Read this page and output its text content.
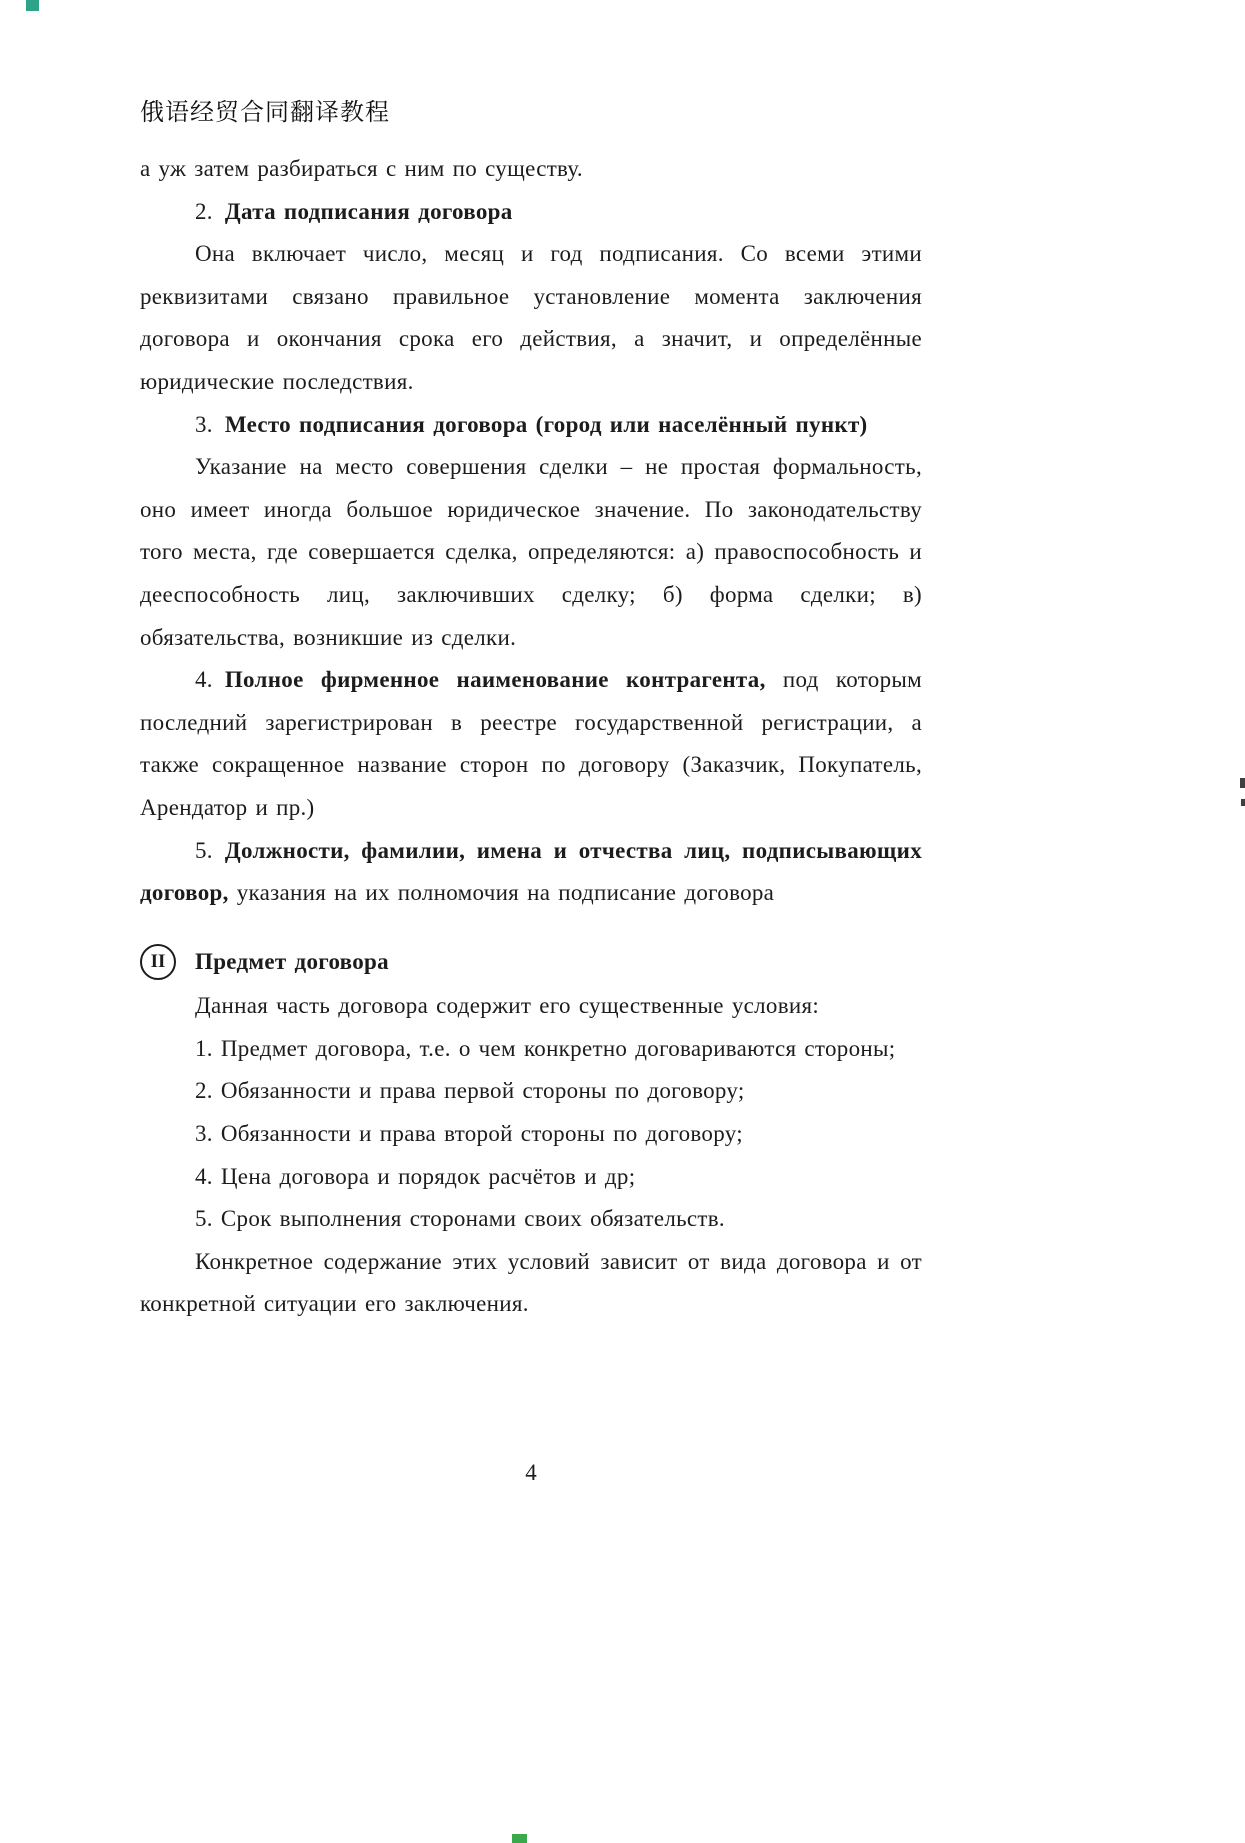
俄语经贸合同翻译教程

а уж затем разбираться с ним по существу.

2. Дата подписания договора

Она включает число, месяц и год подписания. Со всеми этими реквизитами связано правильное установление момента заключения договора и окончания срока его действия, а значит, и определённые юридические последствия.

3. Место подписания договора (город или населённый пункт)

Указание на место совершения сделки – не простая формальность, оно имеет иногда большое юридическое значение. По законодательству того места, где совершается сделка, определяются: а) правоспособность и дееспособность лиц, заключивших сделку; б) форма сделки; в) обязательства, возникшие из сделки.

4. Полное фирменное наименование контрагента, под которым последний зарегистрирован в реестре государственной регистрации, а также сокращенное название сторон по договору (Заказчик, Покупатель, Арендатор и пр.)

5. Должности, фамилии, имена и отчества лиц, подписывающих договор, указания на их полномочия на подписание договора

II Предмет договора

Данная часть договора содержит его существенные условия:

1. Предмет договора, т.е. о чем конкретно договариваются стороны;

2. Обязанности и права первой стороны по договору;

3. Обязанности и права второй стороны по договору;

4. Цена договора и порядок расчётов и др;

5. Срок выполнения сторонами своих обязательств.

Конкретное содержание этих условий зависит от вида договора и от конкретной ситуации его заключения.

4
